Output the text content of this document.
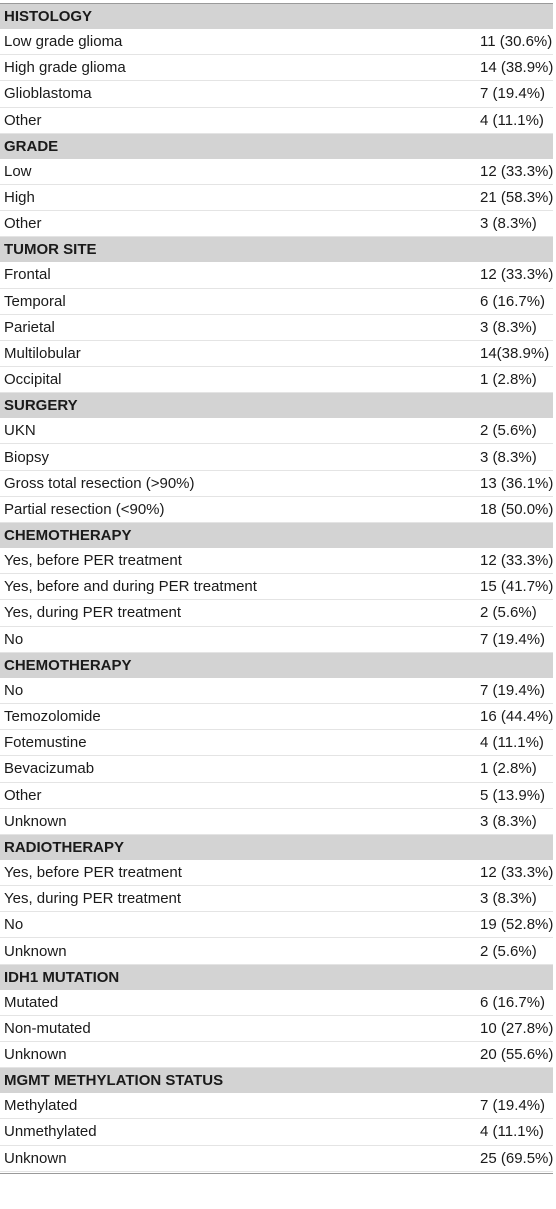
HISTOLOGY	
Low grade glioma	11 (30.6%)
High grade glioma	14 (38.9%)
Glioblastoma	7 (19.4%)
Other	4 (11.1%)
GRADE	
Low	12 (33.3%)
High	21 (58.3%)
Other	3 (8.3%)
TUMOR SITE	
Frontal	12 (33.3%)
Temporal	6 (16.7%)
Parietal	3 (8.3%)
Multilobular	14(38.9%)
Occipital	1 (2.8%)
SURGERY	
UKN	2 (5.6%)
Biopsy	3 (8.3%)
Gross total resection (>90%)	13 (36.1%)
Partial resection (<90%)	18 (50.0%)
CHEMOTHERAPY	
Yes, before PER treatment	12 (33.3%)
Yes, before and during PER treatment	15 (41.7%)
Yes, during PER treatment	2 (5.6%)
No	7 (19.4%)
CHEMOTHERAPY	
No	7 (19.4%)
Temozolomide	16 (44.4%)
Fotemustine	4 (11.1%)
Bevacizumab	1 (2.8%)
Other	5 (13.9%)
Unknown	3 (8.3%)
RADIOTHERAPY	
Yes, before PER treatment	12 (33.3%)
Yes, during PER treatment	3 (8.3%)
No	19 (52.8%)
Unknown	2 (5.6%)
IDH1 MUTATION	
Mutated	6 (16.7%)
Non-mutated	10 (27.8%)
Unknown	20 (55.6%)
MGMT METHYLATION STATUS	
Methylated	7 (19.4%)
Unmethylated	4 (11.1%)
Unknown	25 (69.5%)
